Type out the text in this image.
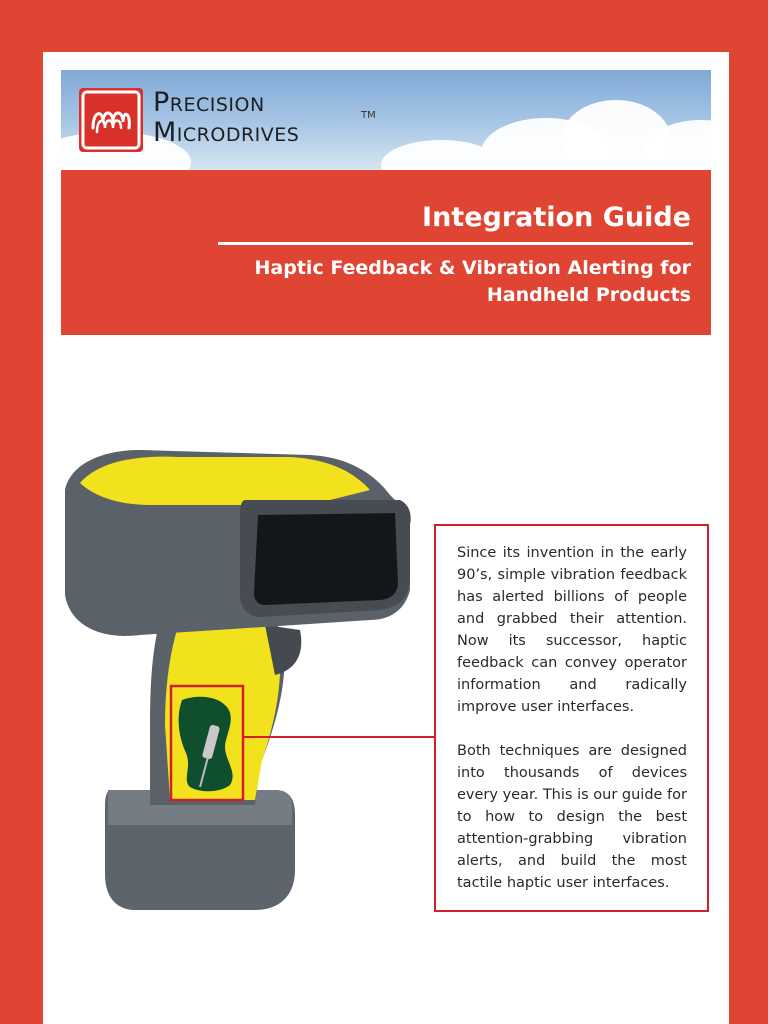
Precision
Microdrives
TM
Integration Guide
Haptic Feedback & Vibration Alerting for Handheld Products

Since its invention in the early 90’s, simple vibration feedback has alerted billions of people and grabbed their attention. Now its successor, haptic feedback can convey operator information and radically improve user interfaces.

Both techniques are designed into thousands of devices every year. This is our guide for to how to design the best attention-grabbing vibration alerts, and build the most tactile haptic user interfaces.
